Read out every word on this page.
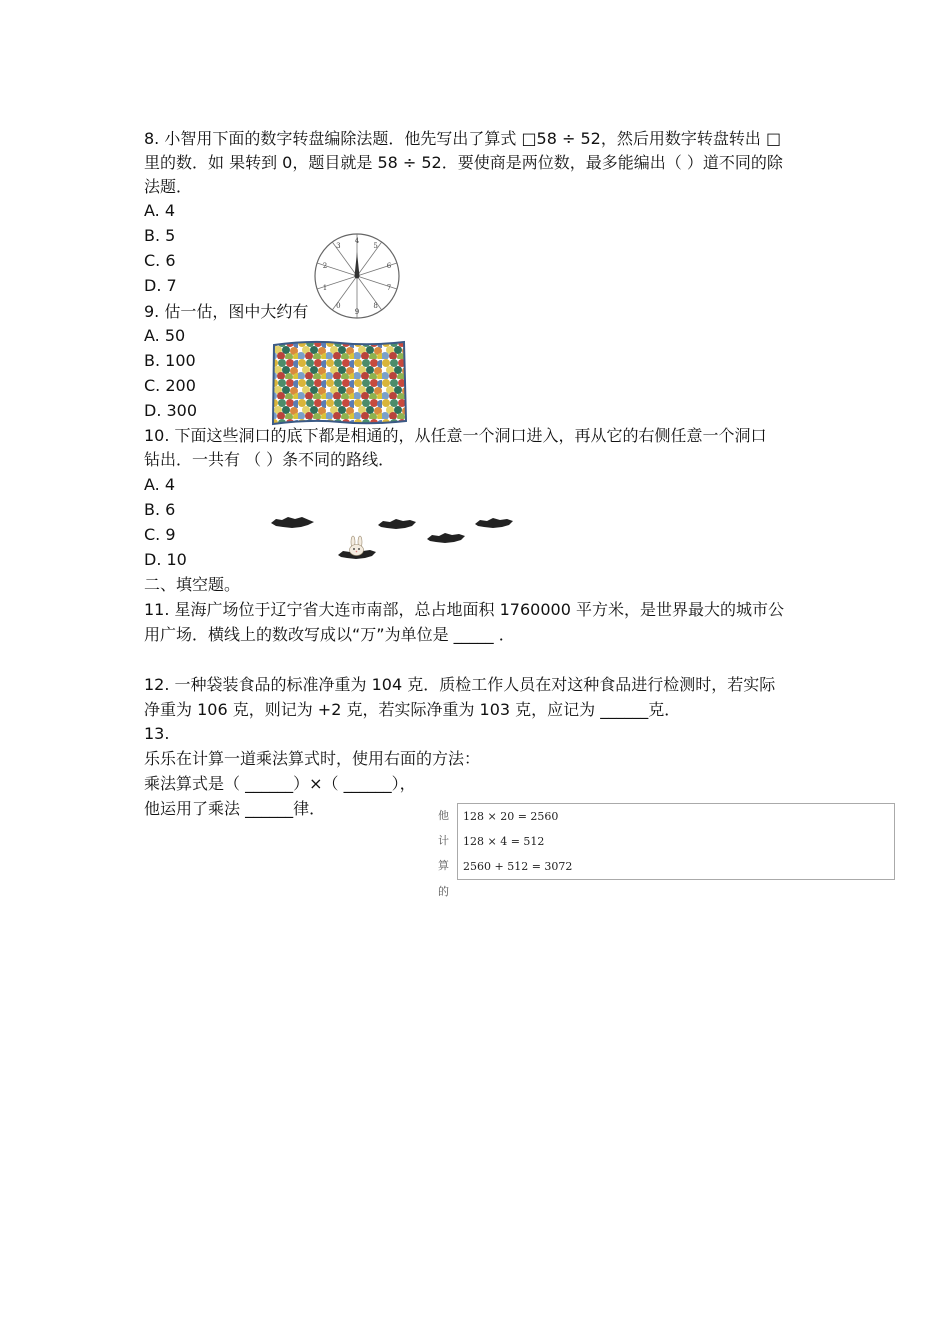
8. 小智用下面的数字转盘编除法题．他先写出了算式 □58 ÷ 52，然后用数字转盘转出 □
里的数．如 果转到 0，题目就是 58 ÷ 52．要使商是两位数，最多能编出（ ）道不同的除
法题．
A. 4
B. 5
C. 6
D. 7
4
5
6
7
8
9
0
1
2
3
9. 估一估，图中大约有
A. 50
B. 100
C. 200
D. 300
10. 下面这些洞口的底下都是相通的，从任意一个洞口进入，再从它的右侧任意一个洞口
钻出．一共有 （ ）条不同的路线．
A. 4
B. 6
C. 9
D. 10
二、填空题。
11. 星海广场位于辽宁省大连市南部，总占地面积 1760000 平方米，是世界最大的城市公
用广场．横线上的数改写成以“万”为单位是 _____ ．
12. 一种袋装食品的标准净重为 104 克．质检工作人员在对这种食品进行检测时，若实际
净重为 106 克，则记为 +2 克，若实际净重为 103 克，应记为 ______克．
13.
乐乐在计算一道乘法算式时，使用右面的方法：
乘法算式是（ ______）×（ ______），
他运用了乘法 ______律．	他
计
算
的
128 × 20 = 2560
128 × 4 = 512
2560 + 512 = 3072
